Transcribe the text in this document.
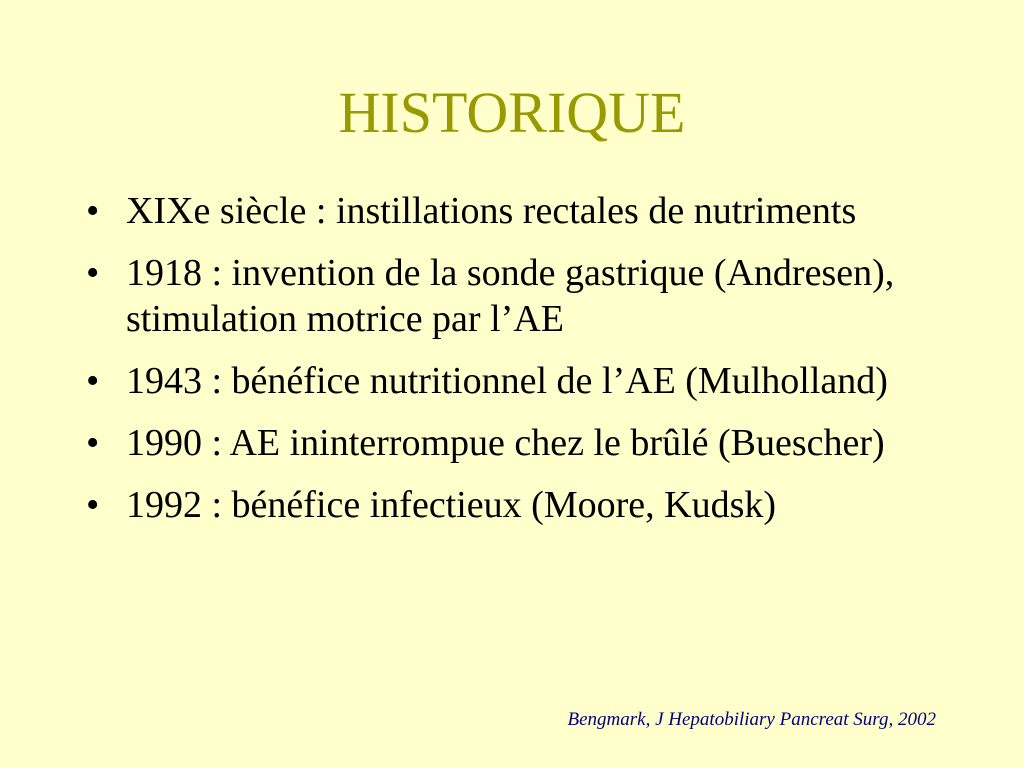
HISTORIQUE
• XIXe siècle : instillations rectales de nutriments
• 1918 : invention de la sonde gastrique (Andresen), stimulation motrice par l’AE
• 1943 : bénéfice nutritionnel de l’AE (Mulholland)
• 1990 : AE ininterrompue chez le brûlé (Buescher)
• 1992 : bénéfice infectieux (Moore, Kudsk)

Bengmark, J Hepatobiliary Pancreat Surg, 2002
